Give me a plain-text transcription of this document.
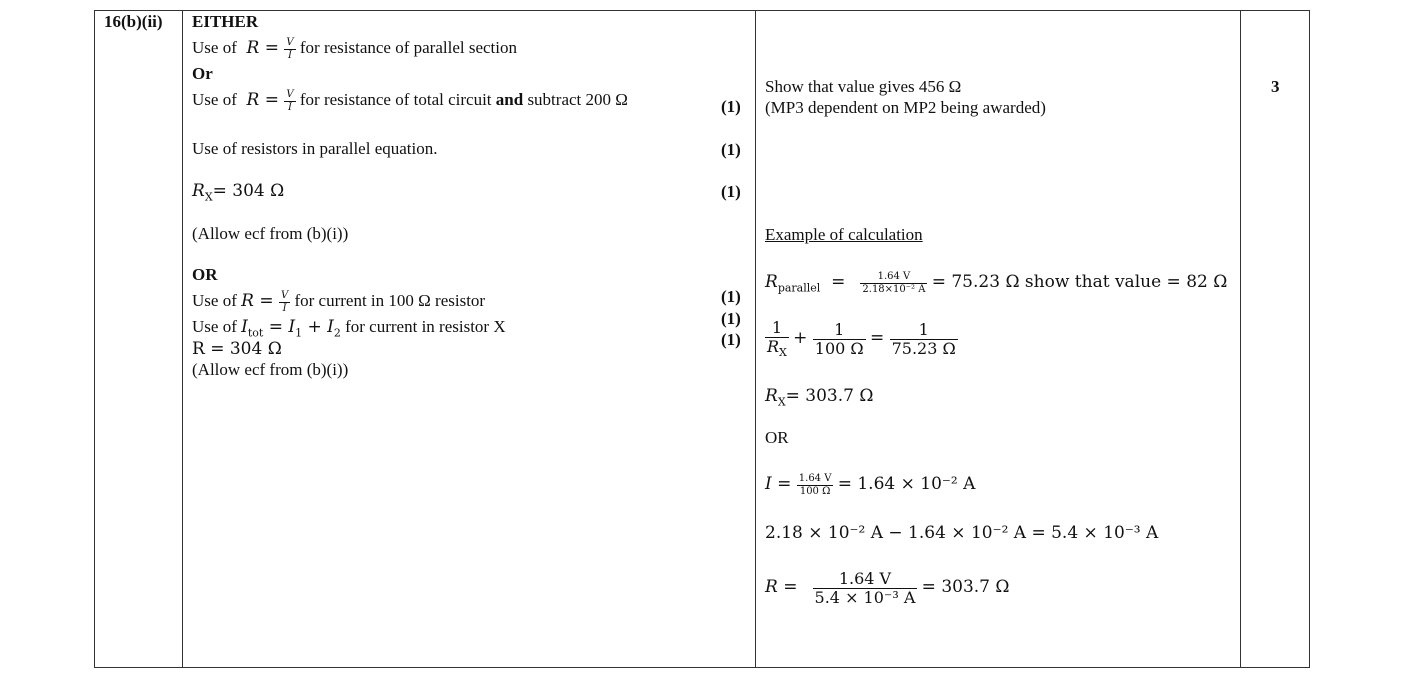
16(b)(ii) EITHER
Use of  $R = \frac{V}{I}$ for resistance of parallel section
Or
Use of  $R = \frac{V}{I}$ for resistance of total circuit and subtract 200 Ω
Use of resistors in parallel equation.
$R_X= 304$ Ω
(Allow ecf from (b)(i))
OR
Use of $R = \frac{V}{I}$ for current in 100 Ω resistor
Use of $I_{tot} = I_1 + I_2$ for current in resistor X
R = 304 Ω
(Allow ecf from (b)(i))
(1)
(1)
(1)
(1)
(1)
(1)
Show that value gives 456 Ω
(MP3 dependent on MP2 being awarded)
Example of calculation
$R_{parallel} = \frac{1.64 V}{\text{2.18×10⁻² A}} = 75.23$ Ω show that value = 82 Ω
$\frac{1}{R_X} + \frac{1}{100 \Omega} = \frac{1}{75.23 \Omega}$
$R_X= 303.7$ Ω
OR
$I = \frac{1.64 V}{100 \Omega} = 1.64 \times 10^{-2}$ A
2.18 × 10⁻² A − 1.64 × 10⁻² A = 5.4 × 10⁻³ A
$R = \frac{1.64 V}{\text{5.4 × 10⁻³ A}} = 303.7$ Ω
3
